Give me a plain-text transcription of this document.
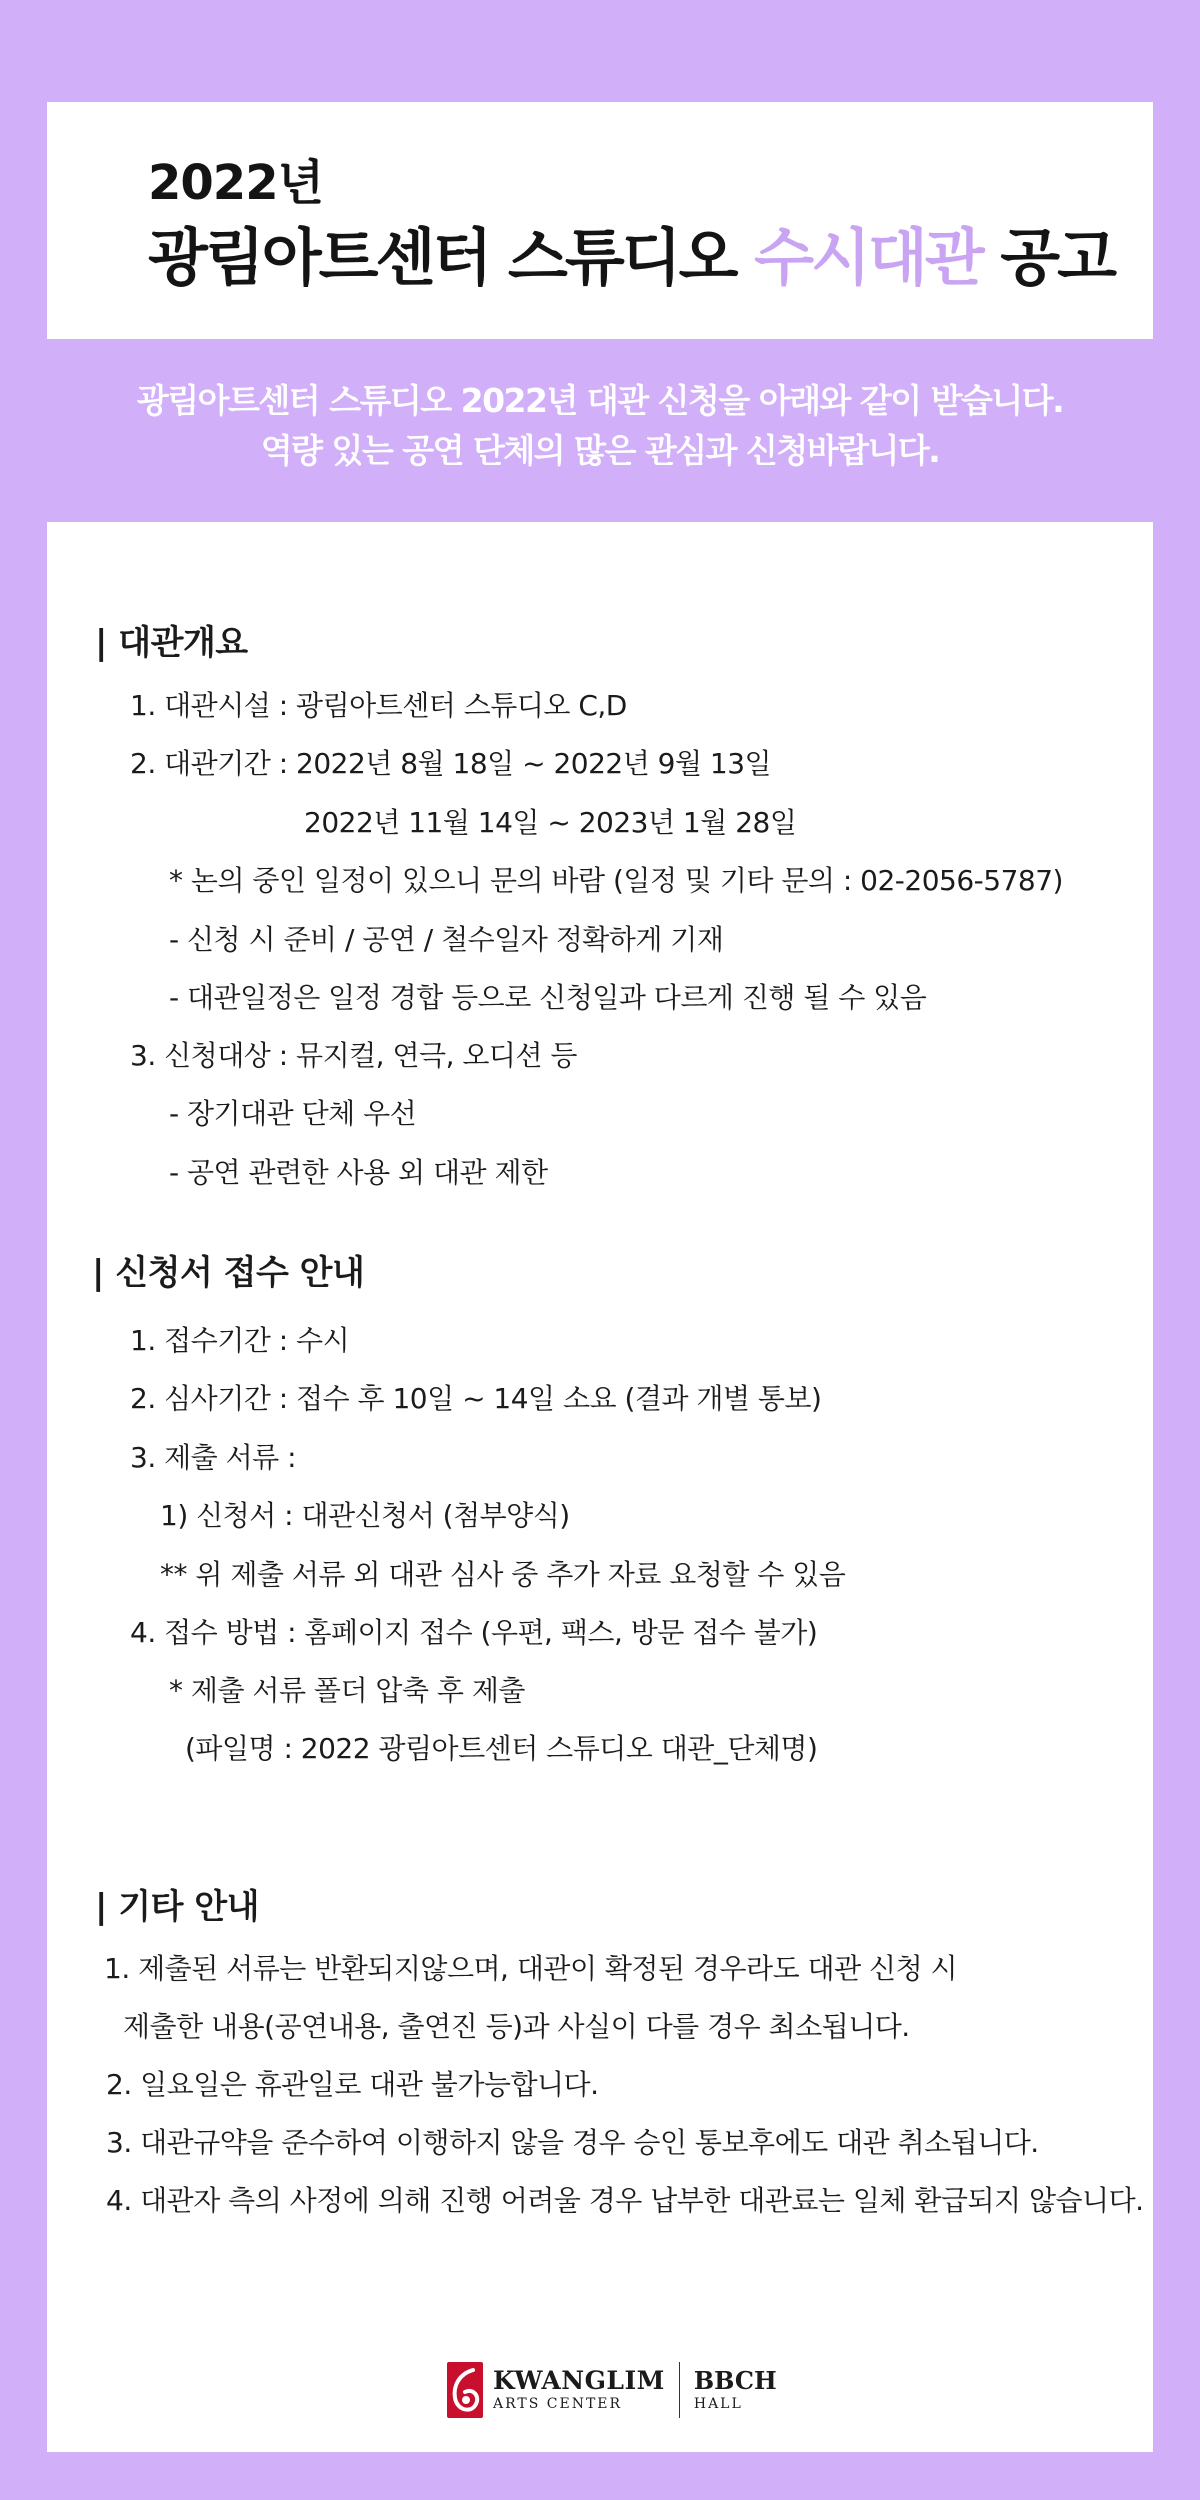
2022년
광림아트센터 스튜디오 수시대관 공고
광림아트센터 스튜디오 2022년 대관 신청을 아래와 같이 받습니다.
역량 있는 공연 단체의 많은 관심과 신청바랍니다.
| 대관개요
1. 대관시설 : 광림아트센터 스튜디오 C,D
2. 대관기간 : 2022년 8월 18일 ~ 2022년 9월 13일
2022년 11월 14일 ~ 2023년 1월 28일
* 논의 중인 일정이 있으니 문의 바람 (일정 및 기타 문의 : 02-2056-5787)
- 신청 시 준비 / 공연 / 철수일자 정확하게 기재
- 대관일정은 일정 경합 등으로 신청일과 다르게 진행 될 수 있음
3. 신청대상 : 뮤지컬, 연극, 오디션 등
- 장기대관 단체 우선
- 공연 관련한 사용 외 대관 제한
| 신청서 접수 안내
1. 접수기간 : 수시
2. 심사기간 : 접수 후 10일 ~ 14일 소요 (결과 개별 통보)
3. 제출 서류 :
1) 신청서 : 대관신청서 (첨부양식)
** 위 제출 서류 외 대관 심사 중 추가 자료 요청할 수 있음
4. 접수 방법 : 홈페이지 접수 (우편, 팩스, 방문 접수 불가)
* 제출 서류 폴더 압축 후 제출
(파일명 : 2022 광림아트센터 스튜디오 대관_단체명)
| 기타 안내
1. 제출된 서류는 반환되지않으며, 대관이 확정된 경우라도 대관 신청 시
제출한 내용(공연내용, 출연진 등)과 사실이 다를 경우 최소됩니다.
2. 일요일은 휴관일로 대관 불가능합니다.
3. 대관규약을 준수하여 이행하지 않을 경우 승인 통보후에도 대관 취소됩니다.
4. 대관자 측의 사정에 의해 진행 어려울 경우 납부한 대관료는 일체 환급되지 않습니다.
KWANGLIM
ARTS CENTER
BBCH
HALL
